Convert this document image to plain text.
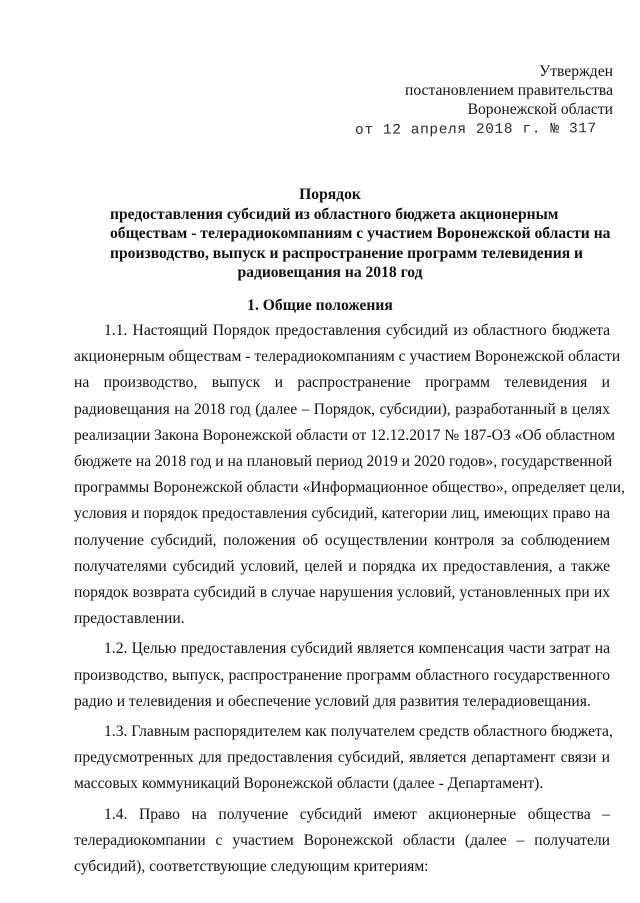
Утвержден
постановлением правительства
Воронежской области
от 12 апреля 2018 г. № 317
Порядок
предоставления субсидий из областного бюджета акционерным
обществам - телерадиокомпаниям с участием Воронежской области на
производство, выпуск и распространение программ телевидения и
радиовещания на 2018 год
1. Общие положения
1.1. Настоящий Порядок предоставления субсидий из областного бюджета
акционерным обществам - телерадиокомпаниям с участием Воронежской области
на производство, выпуск и распространение программ телевидения и
радиовещания на 2018 год (далее – Порядок, субсидии), разработанный в целях
реализации Закона Воронежской области от 12.12.2017 № 187-ОЗ «Об областном
бюджете на 2018 год и на плановый период 2019 и 2020 годов», государственной
программы Воронежской области «Информационное общество», определяет цели,
условия и порядок предоставления субсидий, категории лиц, имеющих право на
получение субсидий, положения об осуществлении контроля за соблюдением
получателями субсидий условий, целей и порядка их предоставления, а также
порядок возврата субсидий в случае нарушения условий, установленных при их
предоставлении.
1.2. Целью предоставления субсидий является компенсация части затрат на
производство, выпуск, распространение программ областного государственного
радио и телевидения и обеспечение условий для развития телерадиовещания.
1.3. Главным распорядителем как получателем средств областного бюджета,
предусмотренных для предоставления субсидий, является департамент связи и
массовых коммуникаций Воронежской области (далее - Департамент).
1.4. Право на получение субсидий имеют акционерные общества –
телерадиокомпании с участием Воронежской области (далее – получатели
субсидий), соответствующие следующим критериям:
